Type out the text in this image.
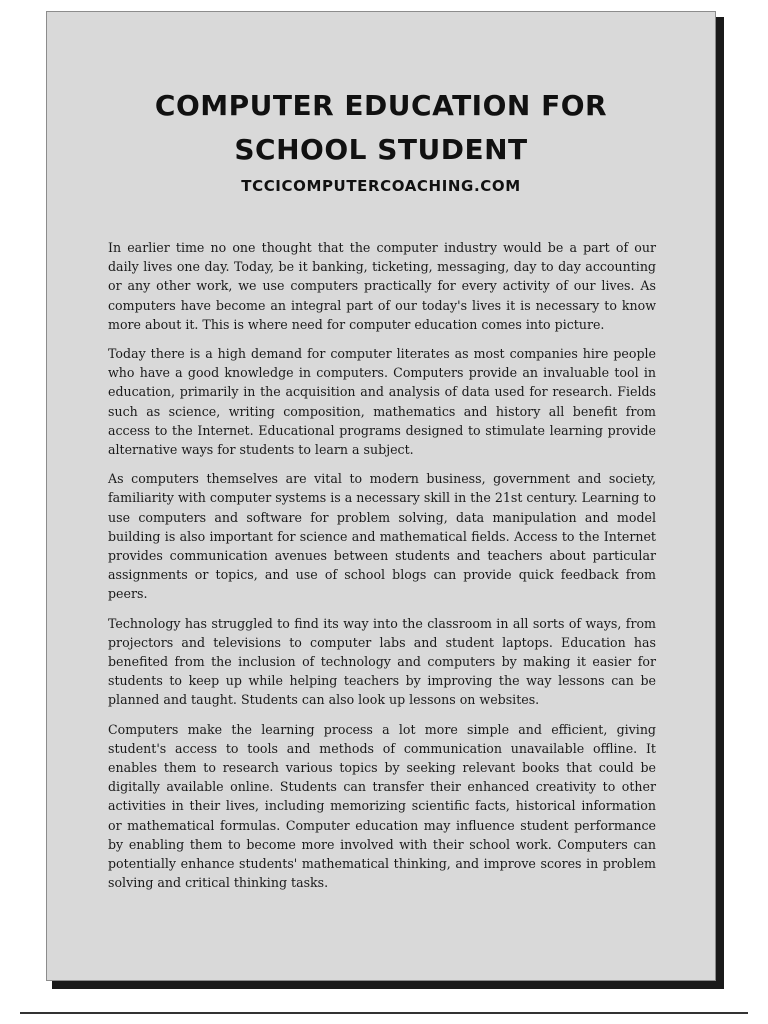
COMPUTER EDUCATION FOR
SCHOOL STUDENT
TCCICOMPUTERCOACHING.COM

In earlier time no one thought that the computer industry would be a part of our daily lives one day. Today, be it banking, ticketing, messaging, day to day accounting or any other work, we use computers practically for every activity of our lives. As computers have become an integral part of our today's lives it is necessary to know more about it. This is where need for computer education comes into picture.

Today there is a high demand for computer literates as most companies hire people who have a good knowledge in computers. Computers provide an invaluable tool in education, primarily in the acquisition and analysis of data used for research. Fields such as science, writing composition, mathematics and history all benefit from access to the Internet. Educational programs designed to stimulate learning provide alternative ways for students to learn a subject.

As computers themselves are vital to modern business, government and society, familiarity with computer systems is a necessary skill in the 21st century. Learning to use computers and software for problem solving, data manipulation and model building is also important for science and mathematical fields. Access to the Internet provides communication avenues between students and teachers about particular assignments or topics, and use of school blogs can provide quick feedback from peers.

Technology has struggled to find its way into the classroom in all sorts of ways, from projectors and televisions to computer labs and student laptops. Education has benefited from the inclusion of technology and computers by making it easier for students to keep up while helping teachers by improving the way lessons can be planned and taught. Students can also look up lessons on websites.

Computers make the learning process a lot more simple and efficient, giving student's access to tools and methods of communication unavailable offline. It enables them to research various topics by seeking relevant books that could be digitally available online. Students can transfer their enhanced creativity to other activities in their lives, including memorizing scientific facts, historical information or mathematical formulas. Computer education may influence student performance by enabling them to become more involved with their school work. Computers can potentially enhance students' mathematical thinking, and improve scores in problem solving and critical thinking tasks.
